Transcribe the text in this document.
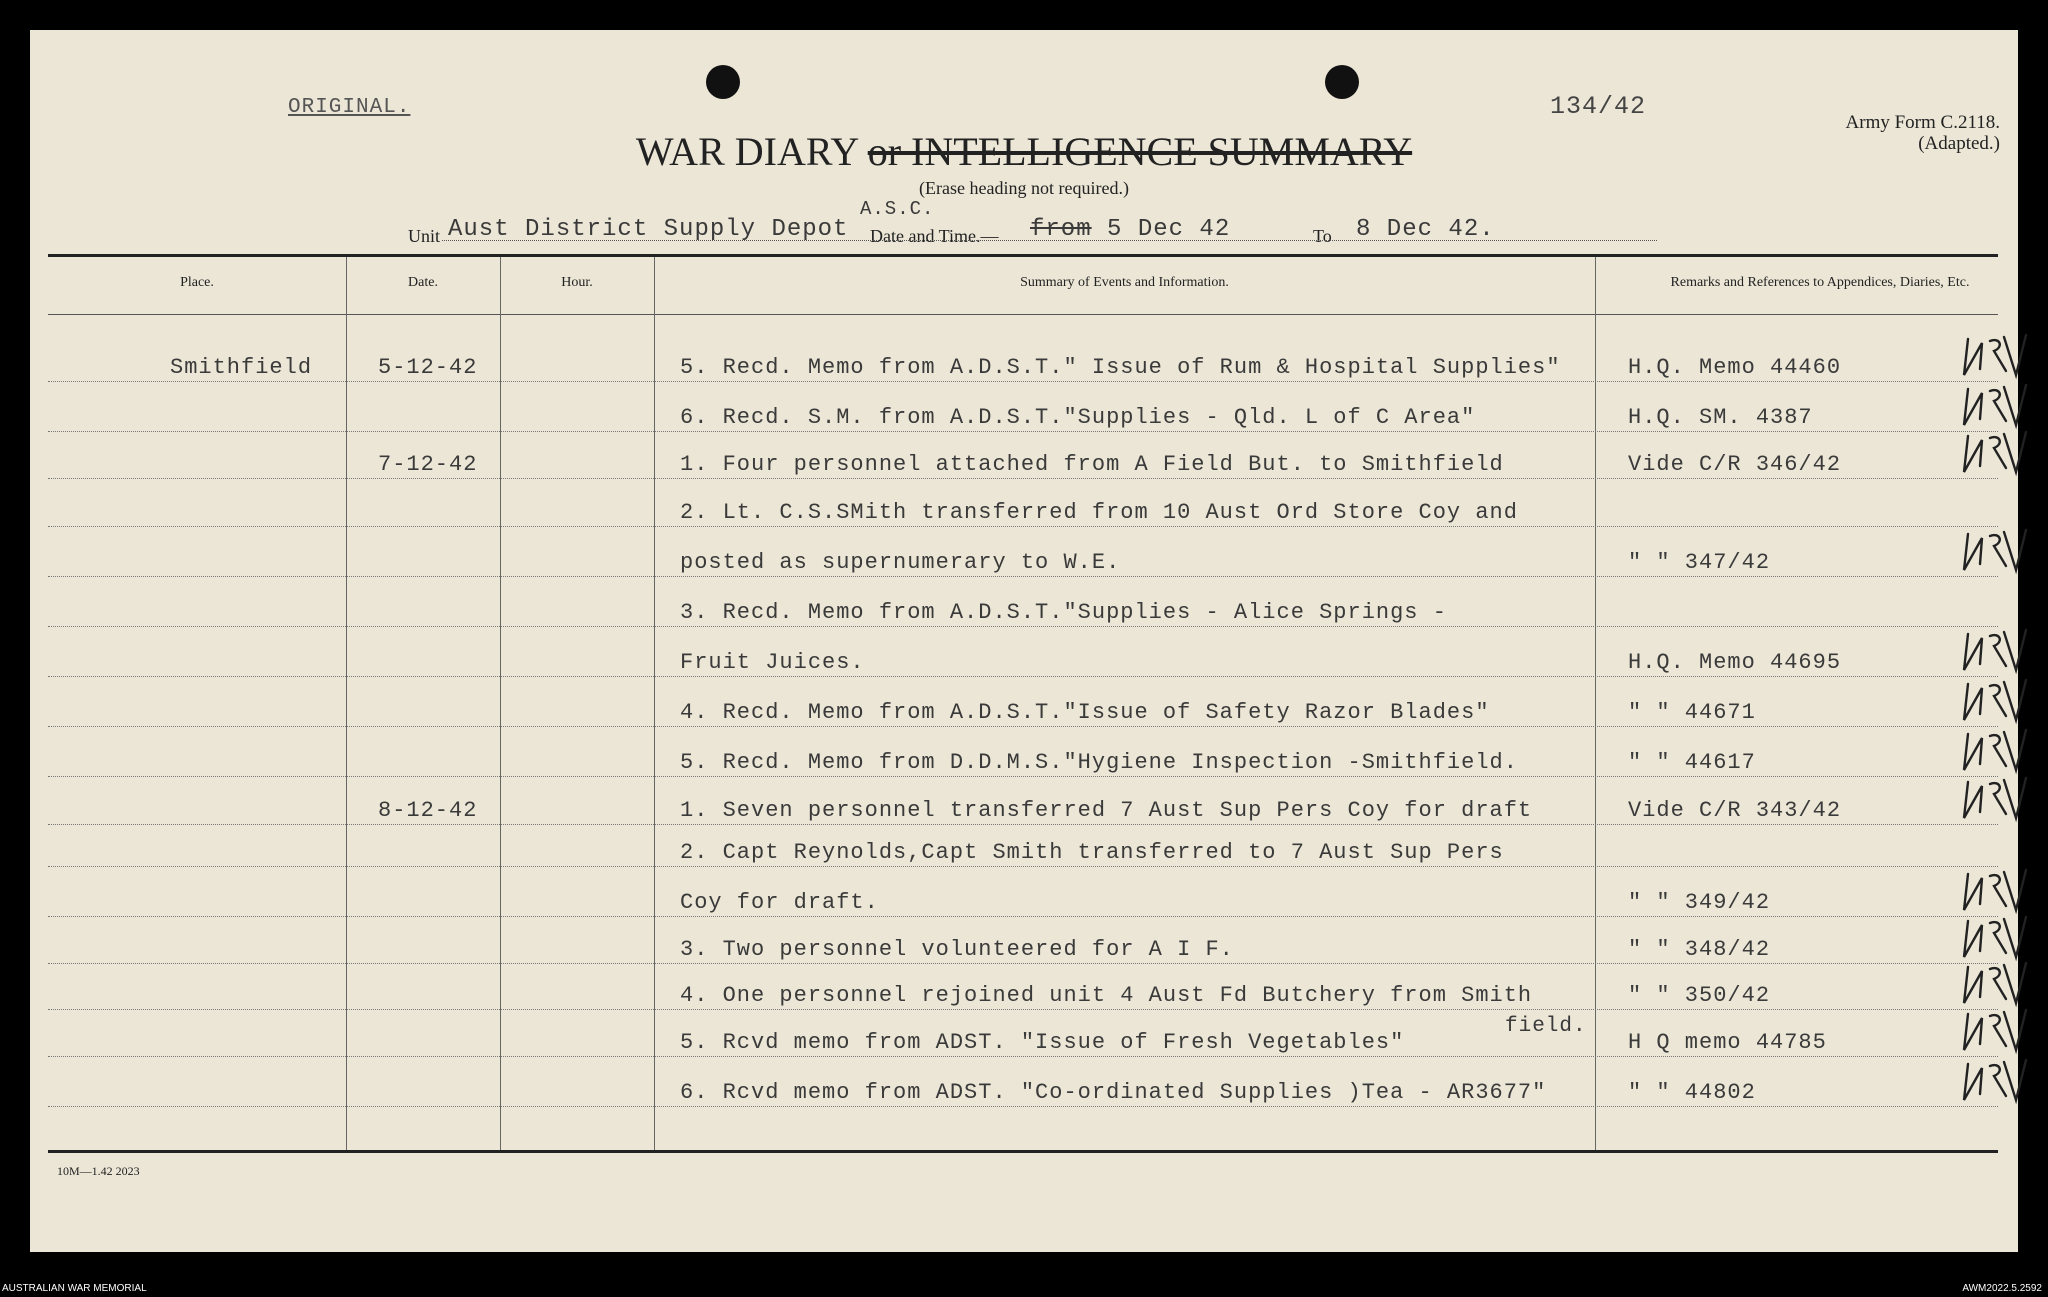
ORIGINAL.	134/42
Army Form C.2118.
(Adapted.)
WAR DIARY or INTELLIGENCE SUMMARY
(Erase heading not required.)
Unit Aust District Supply Depot
A.S.C.
Date and Time.— from 5 Dec 42	To 8 Dec 42.
Place.	Date.	Hour.	Summary of Events and Information.	Remarks and References to Appendices, Diaries, Etc.
Smithfield	5-12-42	5. Recd. Memo from A.D.S.T." Issue of Rum & Hospital Supplies"	H.Q. Memo 44460
6. Recd. S.M. from A.D.S.T."Supplies - Qld. L of C Area"	H.Q. SM. 4387
7-12-42	1. Four personnel attached from A Field But. to Smithfield	Vide C/R 346/42
2. Lt. C.S.SMith transferred from 10 Aust Ord Store Coy and
posted as supernumerary to W.E.	" " 347/42
3. Recd. Memo from A.D.S.T."Supplies - Alice Springs -
Fruit Juices.	H.Q. Memo 44695
4. Recd. Memo from A.D.S.T."Issue of Safety Razor Blades"	" " 44671
5. Recd. Memo from D.D.M.S."Hygiene Inspection -Smithfield.	" " 44617
8-12-42	1. Seven personnel transferred 7 Aust Sup Pers Coy for draft	Vide C/R 343/42
2. Capt Reynolds,Capt Smith transferred to 7 Aust Sup Pers
Coy for draft.	" " 349/42
3. Two personnel volunteered for A I F.	" " 348/42
4. One personnel rejoined unit 4 Aust Fd Butchery from Smith	" " 350/42
5. Rcvd memo from ADST. "Issue of Fresh Vegetables"	H Q memo 44785
6. Rcvd memo from ADST. "Co-ordinated Supplies )Tea - AR3677"	" " 44802
field.
10M—1.42 2023
AUSTRALIAN WAR MEMORIAL	AWM2022.5.2592
